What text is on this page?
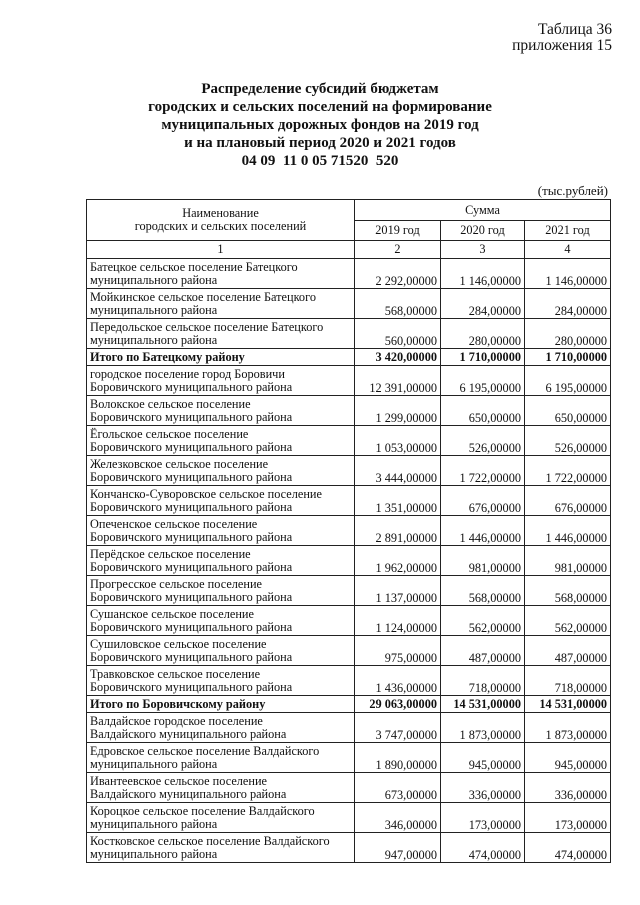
Таблица 36
приложения 15
Распределение субсидий бюджетам
городских и сельских поселений на формирование
муниципальных дорожных фондов на 2019 год
и на плановый период 2020 и 2021 годов
04 09  11 0 05 71520  520
(тыс.рублей)
Наименование
городских и сельских поселений	Сумма		
	2019 год	2020 год	2021 год
1	2	3	4

Батецкое сельское поселение Батецкого
муниципального района	2 292,00000	1 146,00000	1 146,00000

Мойкинское сельское поселение Батецкого
муниципального района	568,00000	284,00000	284,00000

Передольское сельское поселение Батецкого
муниципального района	560,00000	280,00000	280,00000

Итого по Батецкому району	3 420,00000	1 710,00000	1 710,00000

городское поселение город Боровичи
Боровичского муниципального района	12 391,00000	6 195,00000	6 195,00000

Волокское сельское поселение
Боровичского муниципального района	1 299,00000	650,00000	650,00000

Ёгольское сельское поселение
Боровичского муниципального района	1 053,00000	526,00000	526,00000

Железковское сельское поселение
Боровичского муниципального района	3 444,00000	1 722,00000	1 722,00000

Кончанско-Суворовское сельское поселение
Боровичского муниципального района	1 351,00000	676,00000	676,00000

Опеченское сельское поселение
Боровичского муниципального района	2 891,00000	1 446,00000	1 446,00000

Перёдское сельское поселение
Боровичского муниципального района	1 962,00000	981,00000	981,00000

Прогресское сельское поселение
Боровичского муниципального района	1 137,00000	568,00000	568,00000

Сушанское сельское поселение
Боровичского муниципального района	1 124,00000	562,00000	562,00000

Сушиловское сельское поселение
Боровичского муниципального района	975,00000	487,00000	487,00000

Травковское сельское поселение
Боровичского муниципального района	1 436,00000	718,00000	718,00000

Итого по Боровичскому району	29 063,00000	14 531,00000	14 531,00000

Валдайское городское поселение
Валдайского муниципального района	3 747,00000	1 873,00000	1 873,00000

Едровское сельское поселение Валдайского
муниципального района	1 890,00000	945,00000	945,00000

Ивантеевское сельское поселение
Валдайского муниципального района	673,00000	336,00000	336,00000

Короцкое сельское поселение Валдайского
муниципального района	346,00000	173,00000	173,00000

Костковское сельское поселение Валдайского
муниципального района	947,00000	474,00000	474,00000
